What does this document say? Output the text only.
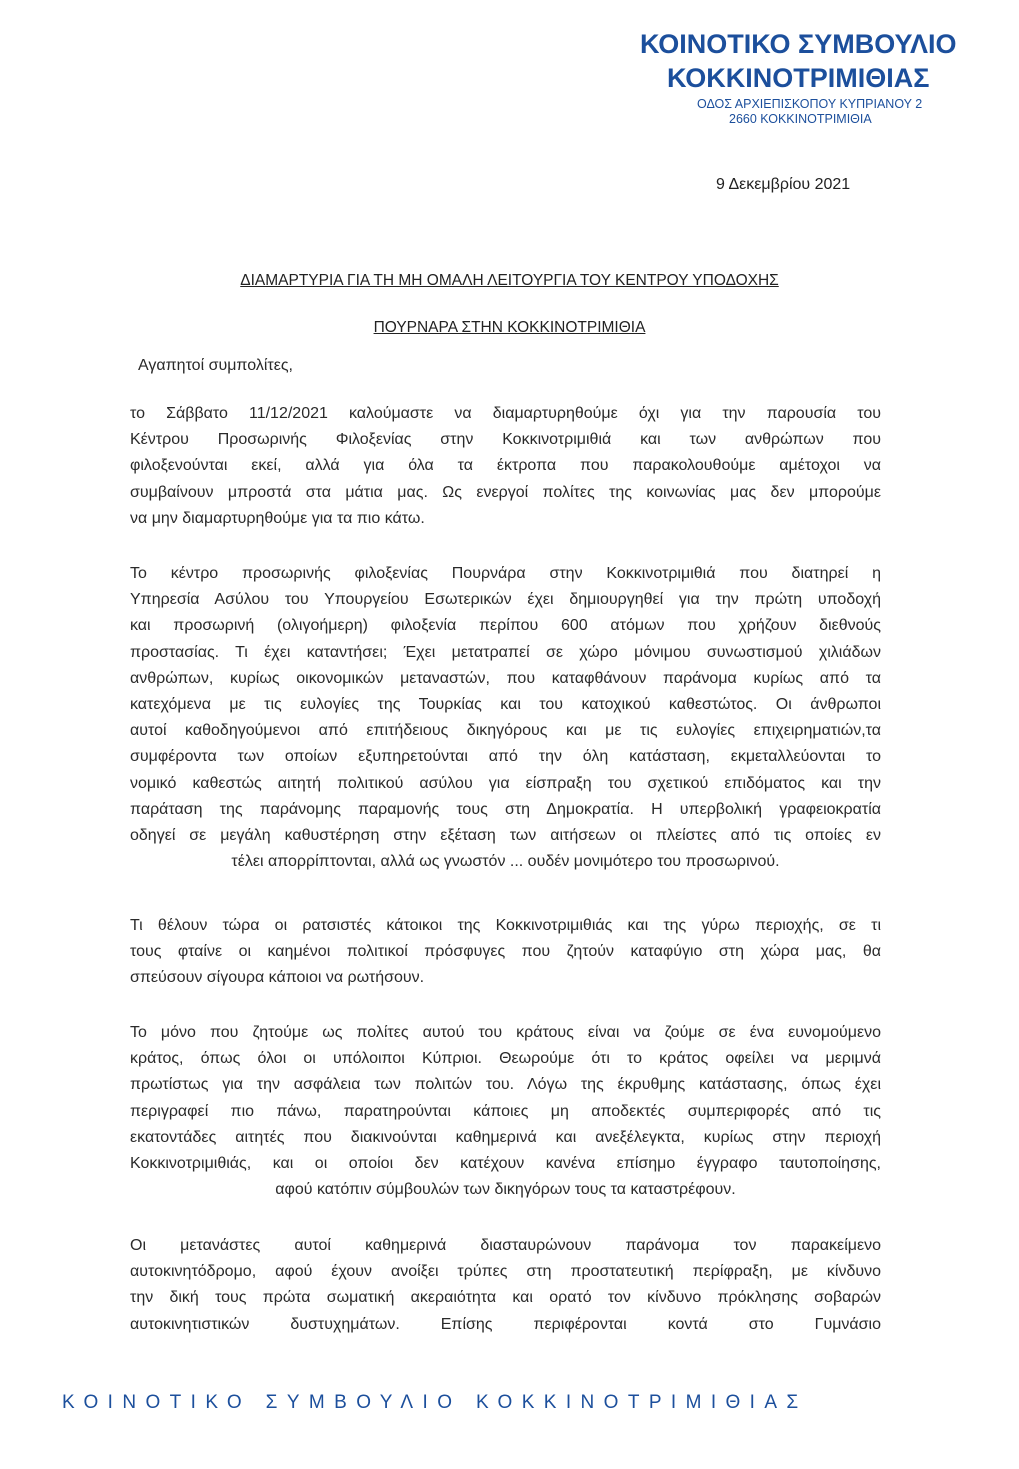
ΚΟΙΝΟΤΙΚΟ ΣΥΜΒΟΥΛΙΟ
ΚΟΚΚΙΝΟΤΡΙΜΙΘΙΑΣ
ΟΔΟΣ ΑΡΧΙΕΠΙΣΚΟΠΟΥ ΚΥΠΡΙΑΝΟΥ 2
2660 ΚΟΚΚΙΝΟΤΡΙΜΙΘΙΑ
9 Δεκεμβρίου 2021
ΔΙΑΜΑΡΤΥΡΙΑ ΓΙΑ ΤΗ ΜΗ ΟΜΑΛΗ ΛΕΙΤΟΥΡΓΙΑ ΤΟΥ ΚΕΝΤΡΟΥ ΥΠΟΔΟΧΗΣ
ΠΟΥΡΝΑΡΑ ΣΤΗΝ ΚΟΚΚΙΝΟΤΡΙΜΙΘΙΑ
Αγαπητοί συμπολίτες,
το Σάββατο 11/12/2021 καλούμαστε να διαμαρτυρηθούμε όχι για την παρουσία του
Κέντρου Προσωρινής Φιλοξενίας στην Κοκκινοτριμιθιά και των ανθρώπων που
φιλοξενούνται εκεί, αλλά για όλα τα έκτροπα που παρακολουθούμε αμέτοχοι να
συμβαίνουν μπροστά στα μάτια μας. Ως ενεργοί πολίτες της κοινωνίας μας δεν μπορούμε
να μην διαμαρτυρηθούμε για τα πιο κάτω.
Το κέντρο προσωρινής φιλοξενίας Πουρνάρα στην Κοκκινοτριμιθιά που διατηρεί η
Υπηρεσία Ασύλου του Υπουργείου Εσωτερικών έχει δημιουργηθεί για την πρώτη υποδοχή
και προσωρινή (ολιγοήμερη) φιλοξενία περίπου 600 ατόμων που χρήζουν διεθνούς
προστασίας. Τι έχει καταντήσει; Έχει μετατραπεί σε χώρο μόνιμου συνωστισμού χιλιάδων
ανθρώπων, κυρίως οικονομικών μεταναστών, που καταφθάνουν παράνομα κυρίως από τα
κατεχόμενα με τις ευλογίες της Τουρκίας και του κατοχικού καθεστώτος. Οι άνθρωποι
αυτοί καθοδηγούμενοι από επιτήδειους δικηγόρους και με τις ευλογίες επιχειρηματιών,τα
συμφέροντα των οποίων εξυπηρετούνται από την όλη κατάσταση, εκμεταλλεύονται το
νομικό καθεστώς αιτητή πολιτικού ασύλου για είσπραξη του σχετικού επιδόματος και την
παράταση της παράνομης παραμονής τους στη Δημοκρατία. Η υπερβολική γραφειοκρατία
οδηγεί σε μεγάλη καθυστέρηση στην εξέταση των αιτήσεων οι πλείστες από τις οποίες εν
τέλει απορρίπτονται, αλλά ως γνωστόν ... ουδέν μονιμότερο του προσωρινού.
Τι θέλουν τώρα οι ρατσιστές κάτοικοι της Κοκκινοτριμιθιάς και της γύρω περιοχής, σε τι
τους φταίνε οι καημένοι πολιτικοί πρόσφυγες που ζητούν καταφύγιο στη χώρα μας, θα
σπεύσουν σίγουρα κάποιοι να ρωτήσουν.
Το μόνο που ζητούμε ως πολίτες αυτού του κράτους είναι να ζούμε σε ένα ευνομούμενο
κράτος, όπως όλοι οι υπόλοιποι Κύπριοι. Θεωρούμε ότι το κράτος οφείλει να μεριμνά
πρωτίστως για την ασφάλεια των πολιτών του. Λόγω της έκρυθμης κατάστασης, όπως έχει
περιγραφεί πιο πάνω, παρατηρούνται κάποιες μη αποδεκτές συμπεριφορές από τις
εκατοντάδες αιτητές που διακινούνται καθημερινά και ανεξέλεγκτα, κυρίως στην περιοχή
Κοκκινοτριμιθιάς, και οι οποίοι δεν κατέχουν κανένα επίσημο έγγραφο ταυτοποίησης,
αφού κατόπιν σύμβουλών των δικηγόρων τους τα καταστρέφουν.
Οι μετανάστες αυτοί καθημερινά διασταυρώνουν παράνομα τον παρακείμενο
αυτοκινητόδρομο, αφού έχουν ανοίξει τρύπες στη προστατευτική περίφραξη, με κίνδυνο
την δική τους πρώτα σωματική ακεραιότητα και ορατό τον κίνδυνο πρόκλησης σοβαρών
αυτοκινητιστικών δυστυχημάτων. Επίσης περιφέρονται κοντά στο Γυμνάσιο
ΚΟΙΝΟΤΙΚΟ ΣΥΜΒΟΥΛΙΟ ΚΟΚΚΙΝΟΤΡΙΜΙΘΙΑΣ
